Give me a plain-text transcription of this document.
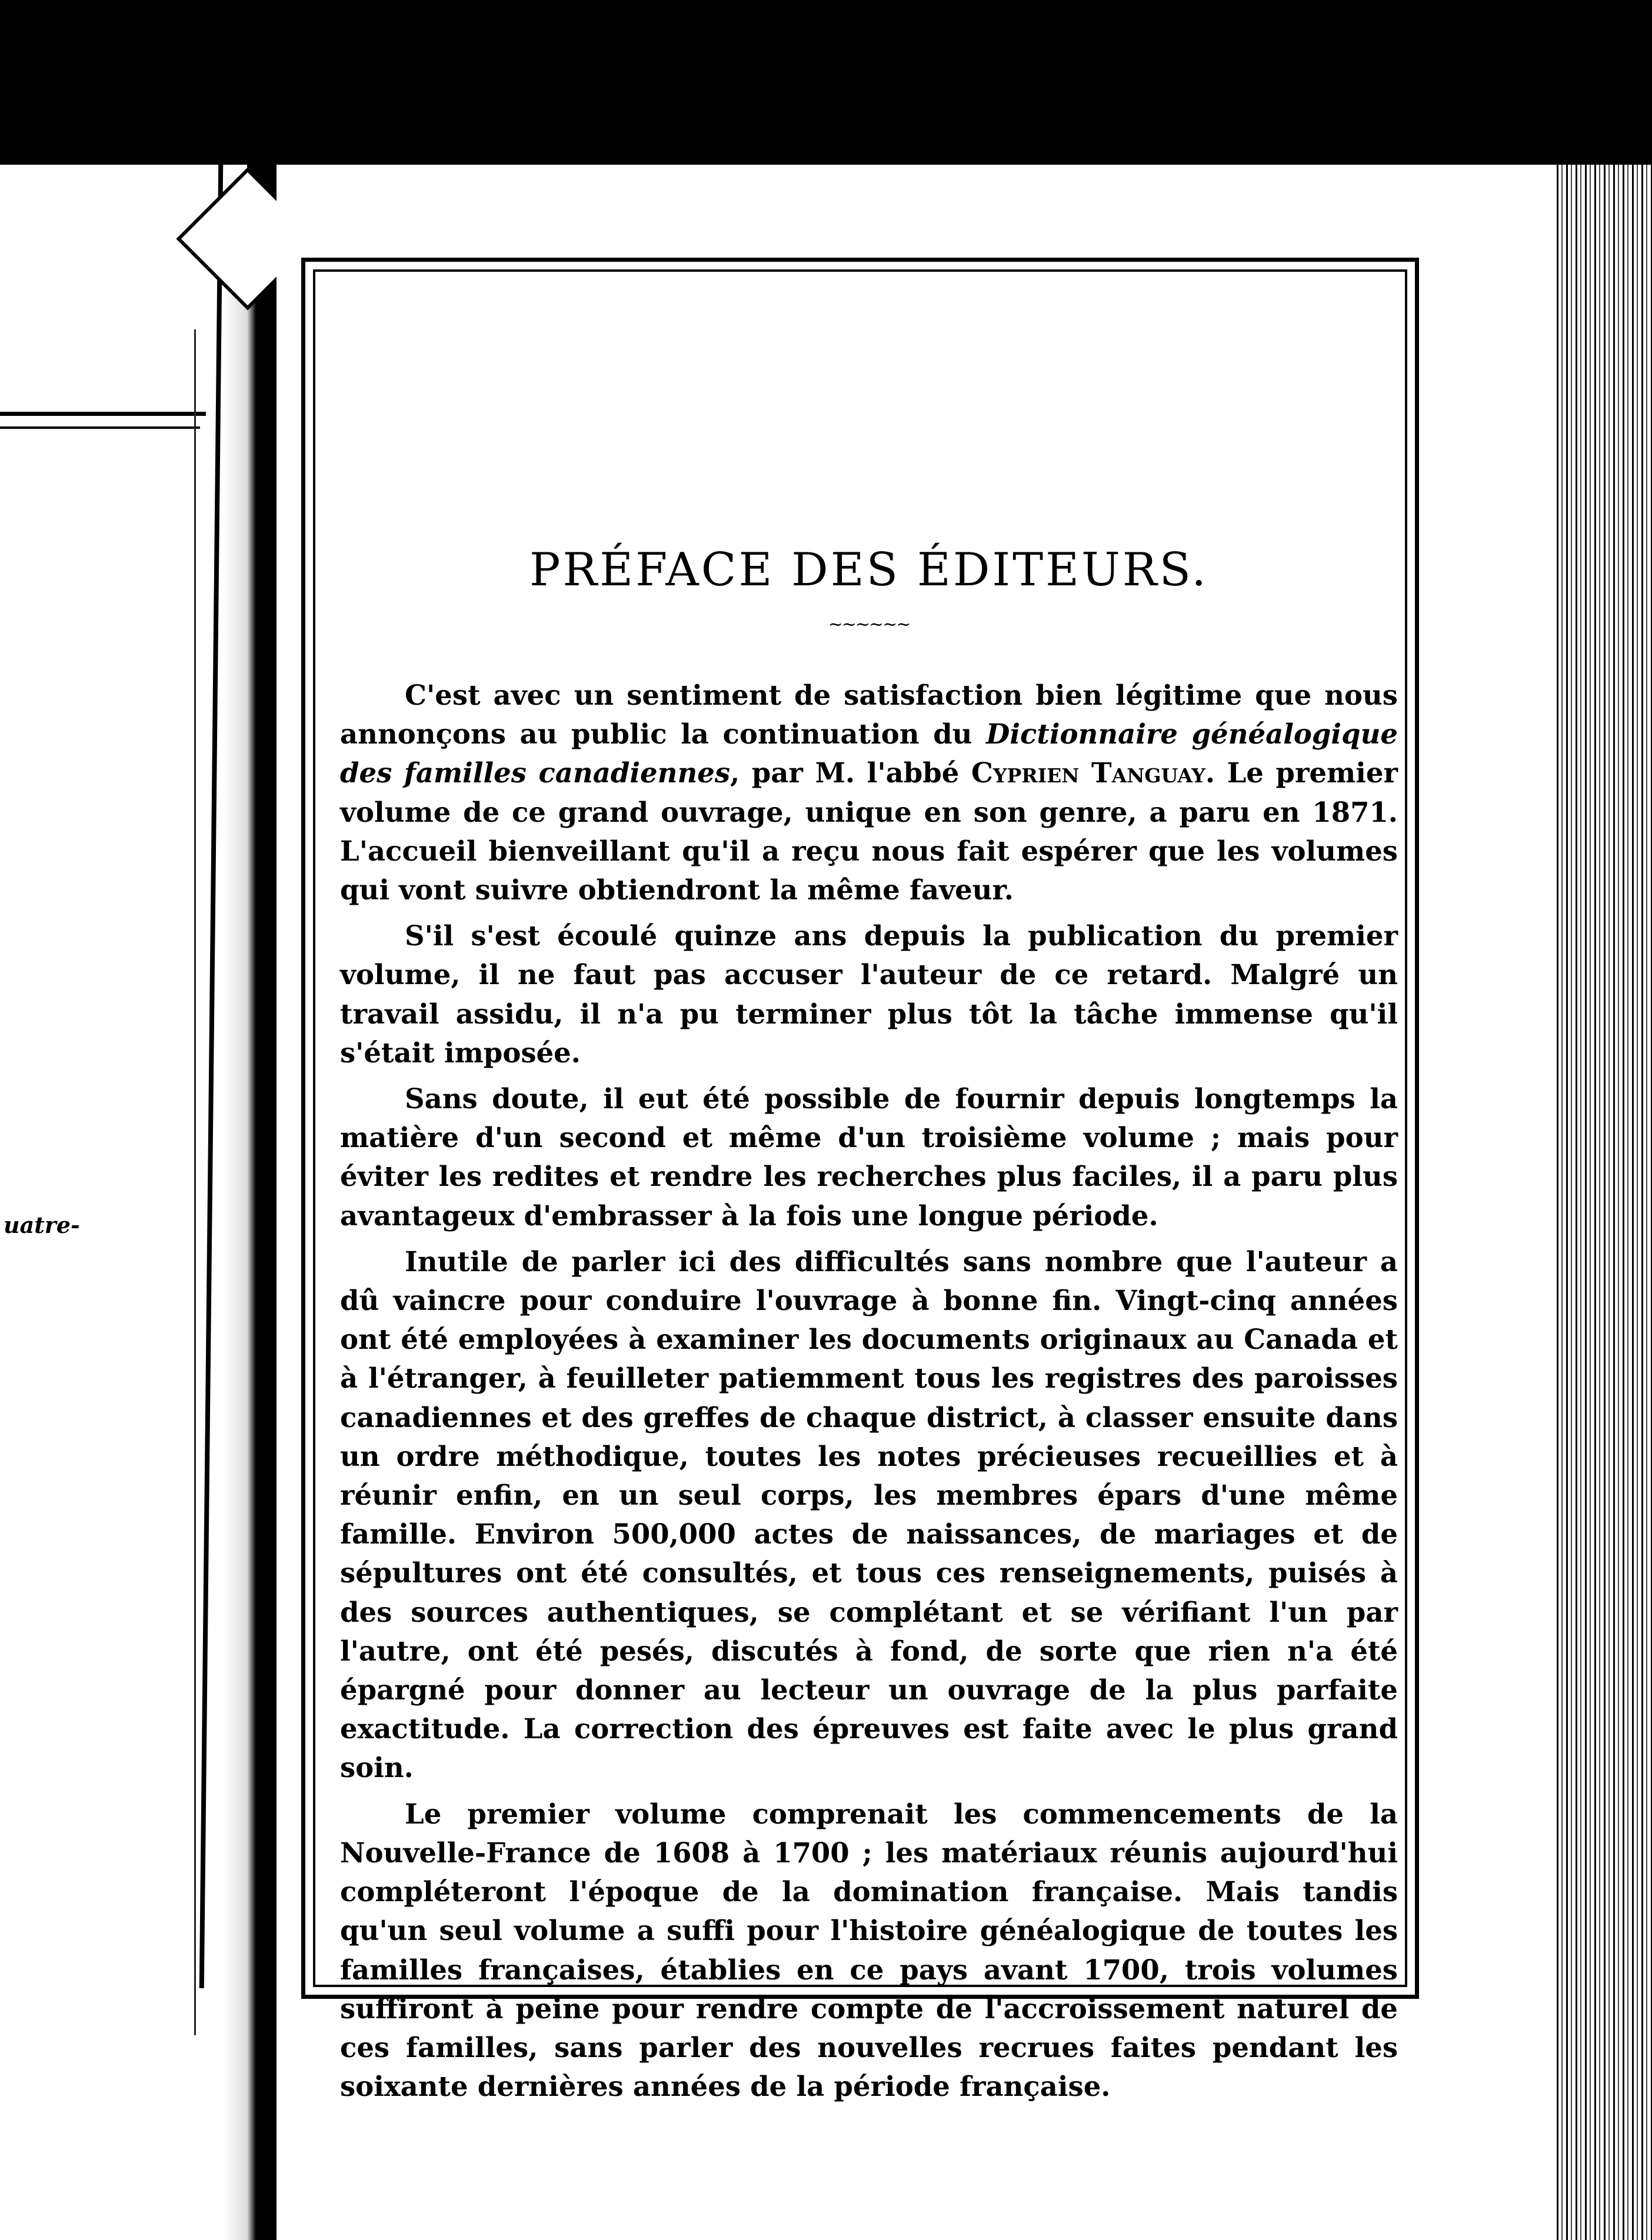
uatre-
PRÉFACE DES ÉDITEURS.
~~~~~~

C'est avec un sentiment de satisfaction bien légitime que nous annonçons au public la continuation du Dictionnaire généalogique des familles canadiennes, par M. l'abbé Cyprien Tanguay. Le premier volume de ce grand ouvrage, unique en son genre, a paru en 1871. L'accueil bienveillant qu'il a reçu nous fait espérer que les volumes qui vont suivre obtiendront la même faveur.

S'il s'est écoulé quinze ans depuis la publication du premier volume, il ne faut pas accuser l'auteur de ce retard. Malgré un travail assidu, il n'a pu terminer plus tôt la tâche immense qu'il s'était imposée.

Sans doute, il eut été possible de fournir depuis longtemps la matière d'un second et même d'un troisième volume ; mais pour éviter les redites et rendre les recherches plus faciles, il a paru plus avantageux d'embrasser à la fois une longue période.

Inutile de parler ici des difficultés sans nombre que l'auteur a dû vaincre pour conduire l'ouvrage à bonne fin. Vingt-cinq années ont été employées à examiner les documents originaux au Canada et à l'étranger, à feuilleter patiemment tous les registres des paroisses canadiennes et des greffes de chaque district, à classer ensuite dans un ordre méthodique, toutes les notes précieuses recueillies et à réunir enfin, en un seul corps, les membres épars d'une même famille. Environ 500,000 actes de naissances, de mariages et de sépultures ont été consultés, et tous ces renseignements, puisés à des sources authentiques, se complétant et se vérifiant l'un par l'autre, ont été pesés, discutés à fond, de sorte que rien n'a été épargné pour donner au lecteur un ouvrage de la plus parfaite exactitude. La correction des épreuves est faite avec le plus grand soin.

Le premier volume comprenait les commencements de la Nouvelle-France de 1608 à 1700 ; les matériaux réunis aujourd'hui compléteront l'époque de la domination française. Mais tandis qu'un seul volume a suffi pour l'histoire généalogique de toutes les familles françaises, établies en ce pays avant 1700, trois volumes suffiront à peine pour rendre compte de l'accroissement naturel de ces familles, sans parler des nouvelles recrues faites pendant les soixante dernières années de la période française.
